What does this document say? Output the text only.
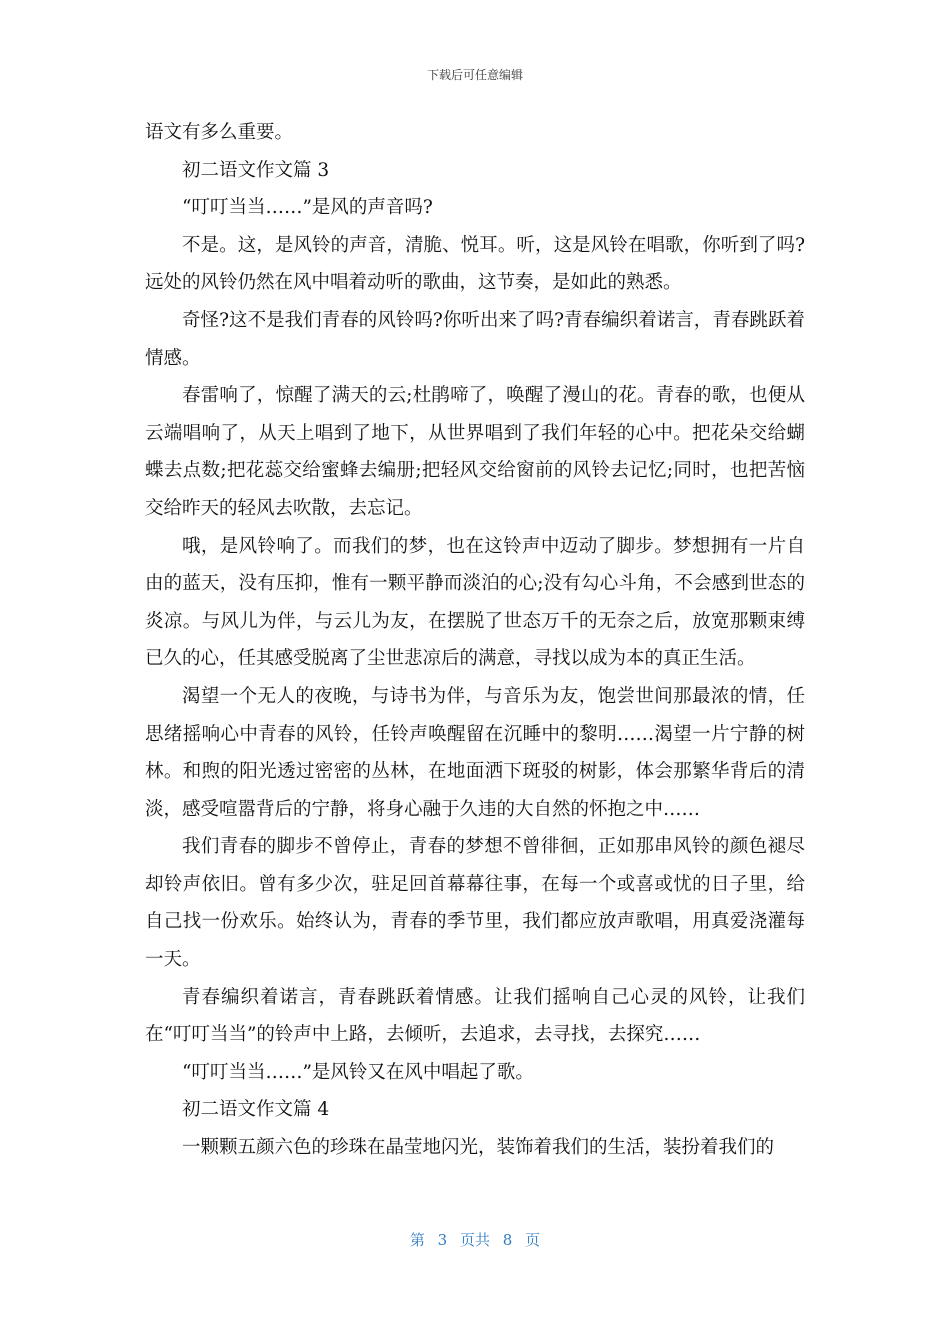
下载后可任意编辑

语文有多么重要。

初二语文作文篇 3

“叮叮当当……”是风的声音吗?

不是。这，是风铃的声音，清脆、悦耳。听，这是风铃在唱歌，你听到了吗?远处的风铃仍然在风中唱着动听的歌曲，这节奏，是如此的熟悉。

奇怪?这不是我们青春的风铃吗?你听出来了吗?青春编织着诺言，青春跳跃着情感。

春雷响了，惊醒了满天的云;杜鹃啼了，唤醒了漫山的花。青春的歌，也便从云端唱响了，从天上唱到了地下，从世界唱到了我们年轻的心中。把花朵交给蝴蝶去点数;把花蕊交给蜜蜂去编册;把轻风交给窗前的风铃去记忆;同时，也把苦恼交给昨天的轻风去吹散，去忘记。

哦，是风铃响了。而我们的梦，也在这铃声中迈动了脚步。梦想拥有一片自由的蓝天，没有压抑，惟有一颗平静而淡泊的心;没有勾心斗角，不会感到世态的炎凉。与风儿为伴，与云儿为友，在摆脱了世态万千的无奈之后，放宽那颗束缚已久的心，任其感受脱离了尘世悲凉后的满意，寻找以成为本的真正生活。

渴望一个无人的夜晚，与诗书为伴，与音乐为友，饱尝世间那最浓的情，任思绪摇响心中青春的风铃，任铃声唤醒留在沉睡中的黎明……渴望一片宁静的树林。和煦的阳光透过密密的丛林，在地面洒下斑驳的树影，体会那繁华背后的清淡，感受喧嚣背后的宁静，将身心融于久违的大自然的怀抱之中……

我们青春的脚步不曾停止，青春的梦想不曾徘徊，正如那串风铃的颜色褪尽却铃声依旧。曾有多少次，驻足回首幕幕往事，在每一个或喜或忧的日子里，给自己找一份欢乐。始终认为，青春的季节里，我们都应放声歌唱，用真爱浇灌每一天。

青春编织着诺言，青春跳跃着情感。让我们摇响自己心灵的风铃，让我们在“叮叮当当”的铃声中上路，去倾听，去追求，去寻找，去探究……

“叮叮当当……”是风铃又在风中唱起了歌。

初二语文作文篇 4

一颗颗五颜六色的珍珠在晶莹地闪光，装饰着我们的生活，装扮着我们的

第 3 页共 8 页
